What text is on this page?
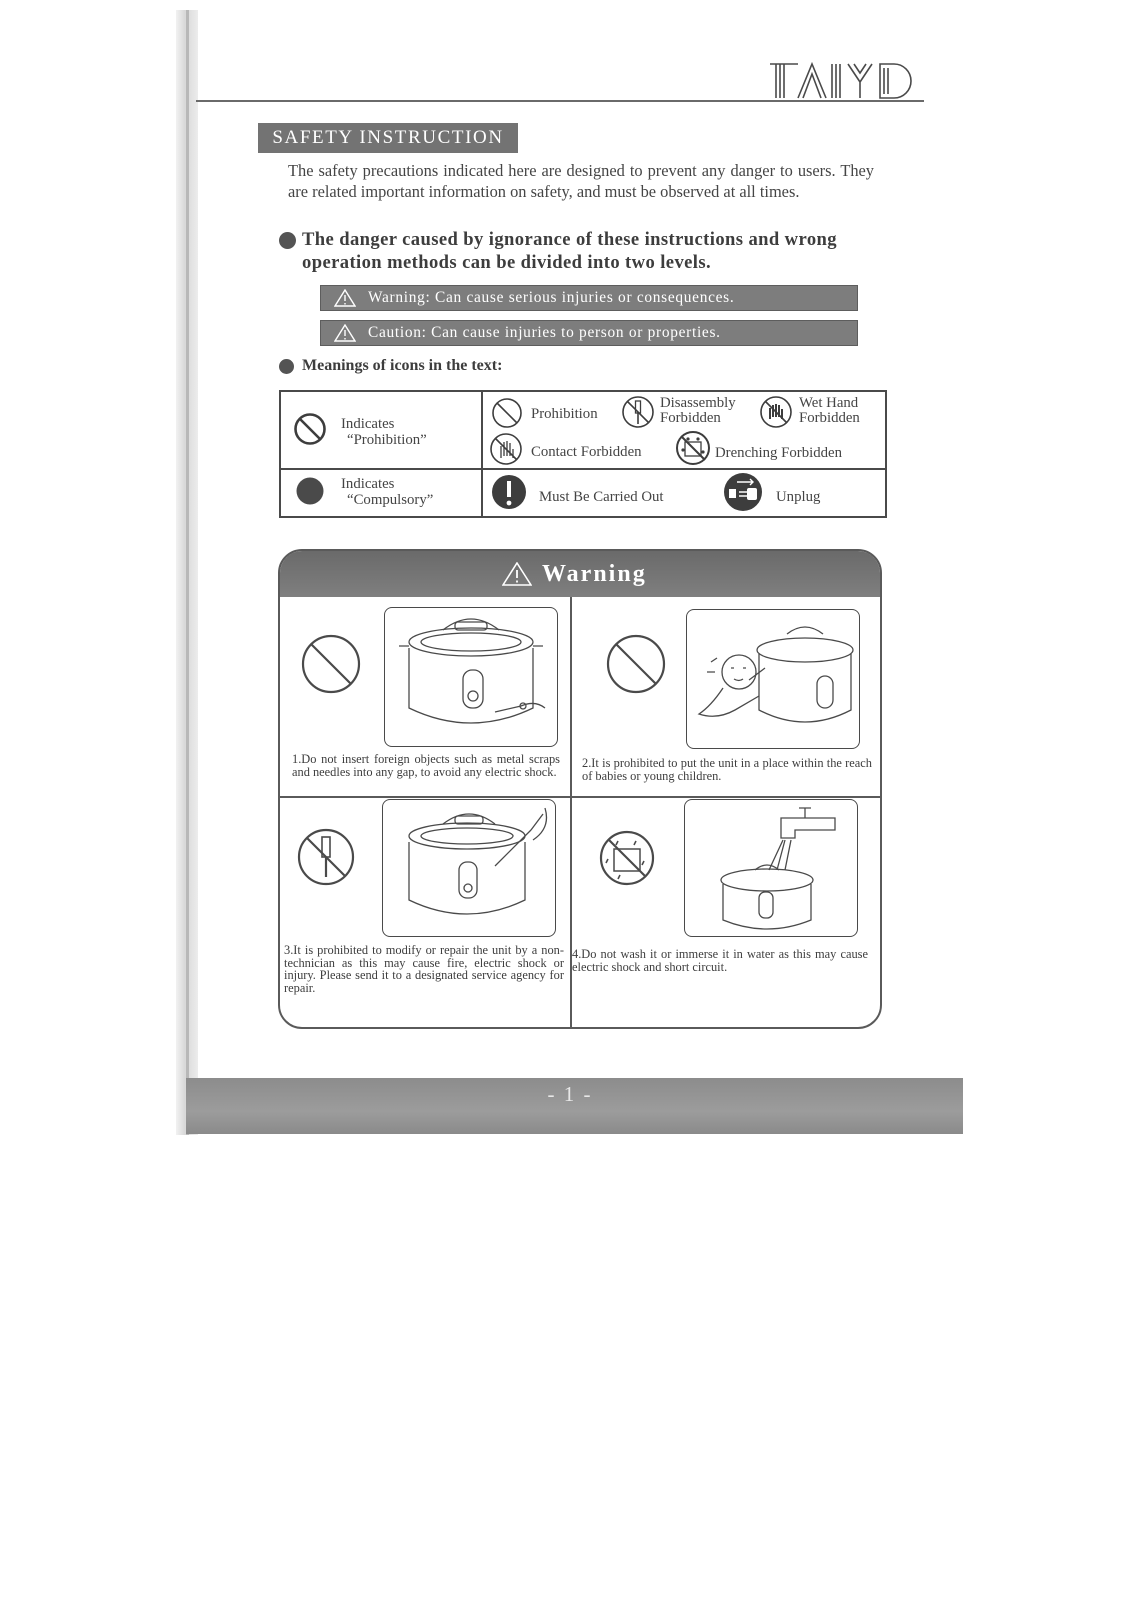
SAFETY INSTRUCTION
The safety precautions indicated here are designed to prevent any danger to users. They are related important information on safety, and must be observed at all times.
The danger caused by ignorance of these instructions and wrong operation methods can be divided into two levels.
Warning: Can cause serious injuries or consequences.
Caution: Can cause injuries to person or properties.
Meanings of icons in the text:
Indicates
“Prohibition”
Indicates
“Compulsory”
Prohibition
Disassembly
Forbidden
Wet Hand
Forbidden
Contact Forbidden	Drenching Forbidden
Must Be Carried Out	Unplug
Warning
1.Do not insert foreign objects such as metal scraps and needles into any gap, to avoid any electric shock.
2.It is prohibited to put the unit in a place within the reach of babies or young children.
3.It is prohibited to modify or repair the unit by a non-technician as this may cause fire, electric shock or injury. Please send it to a designated service agency for repair.
4.Do not wash it or immerse it in water as this may cause electric shock and short circuit.
- 1 -
